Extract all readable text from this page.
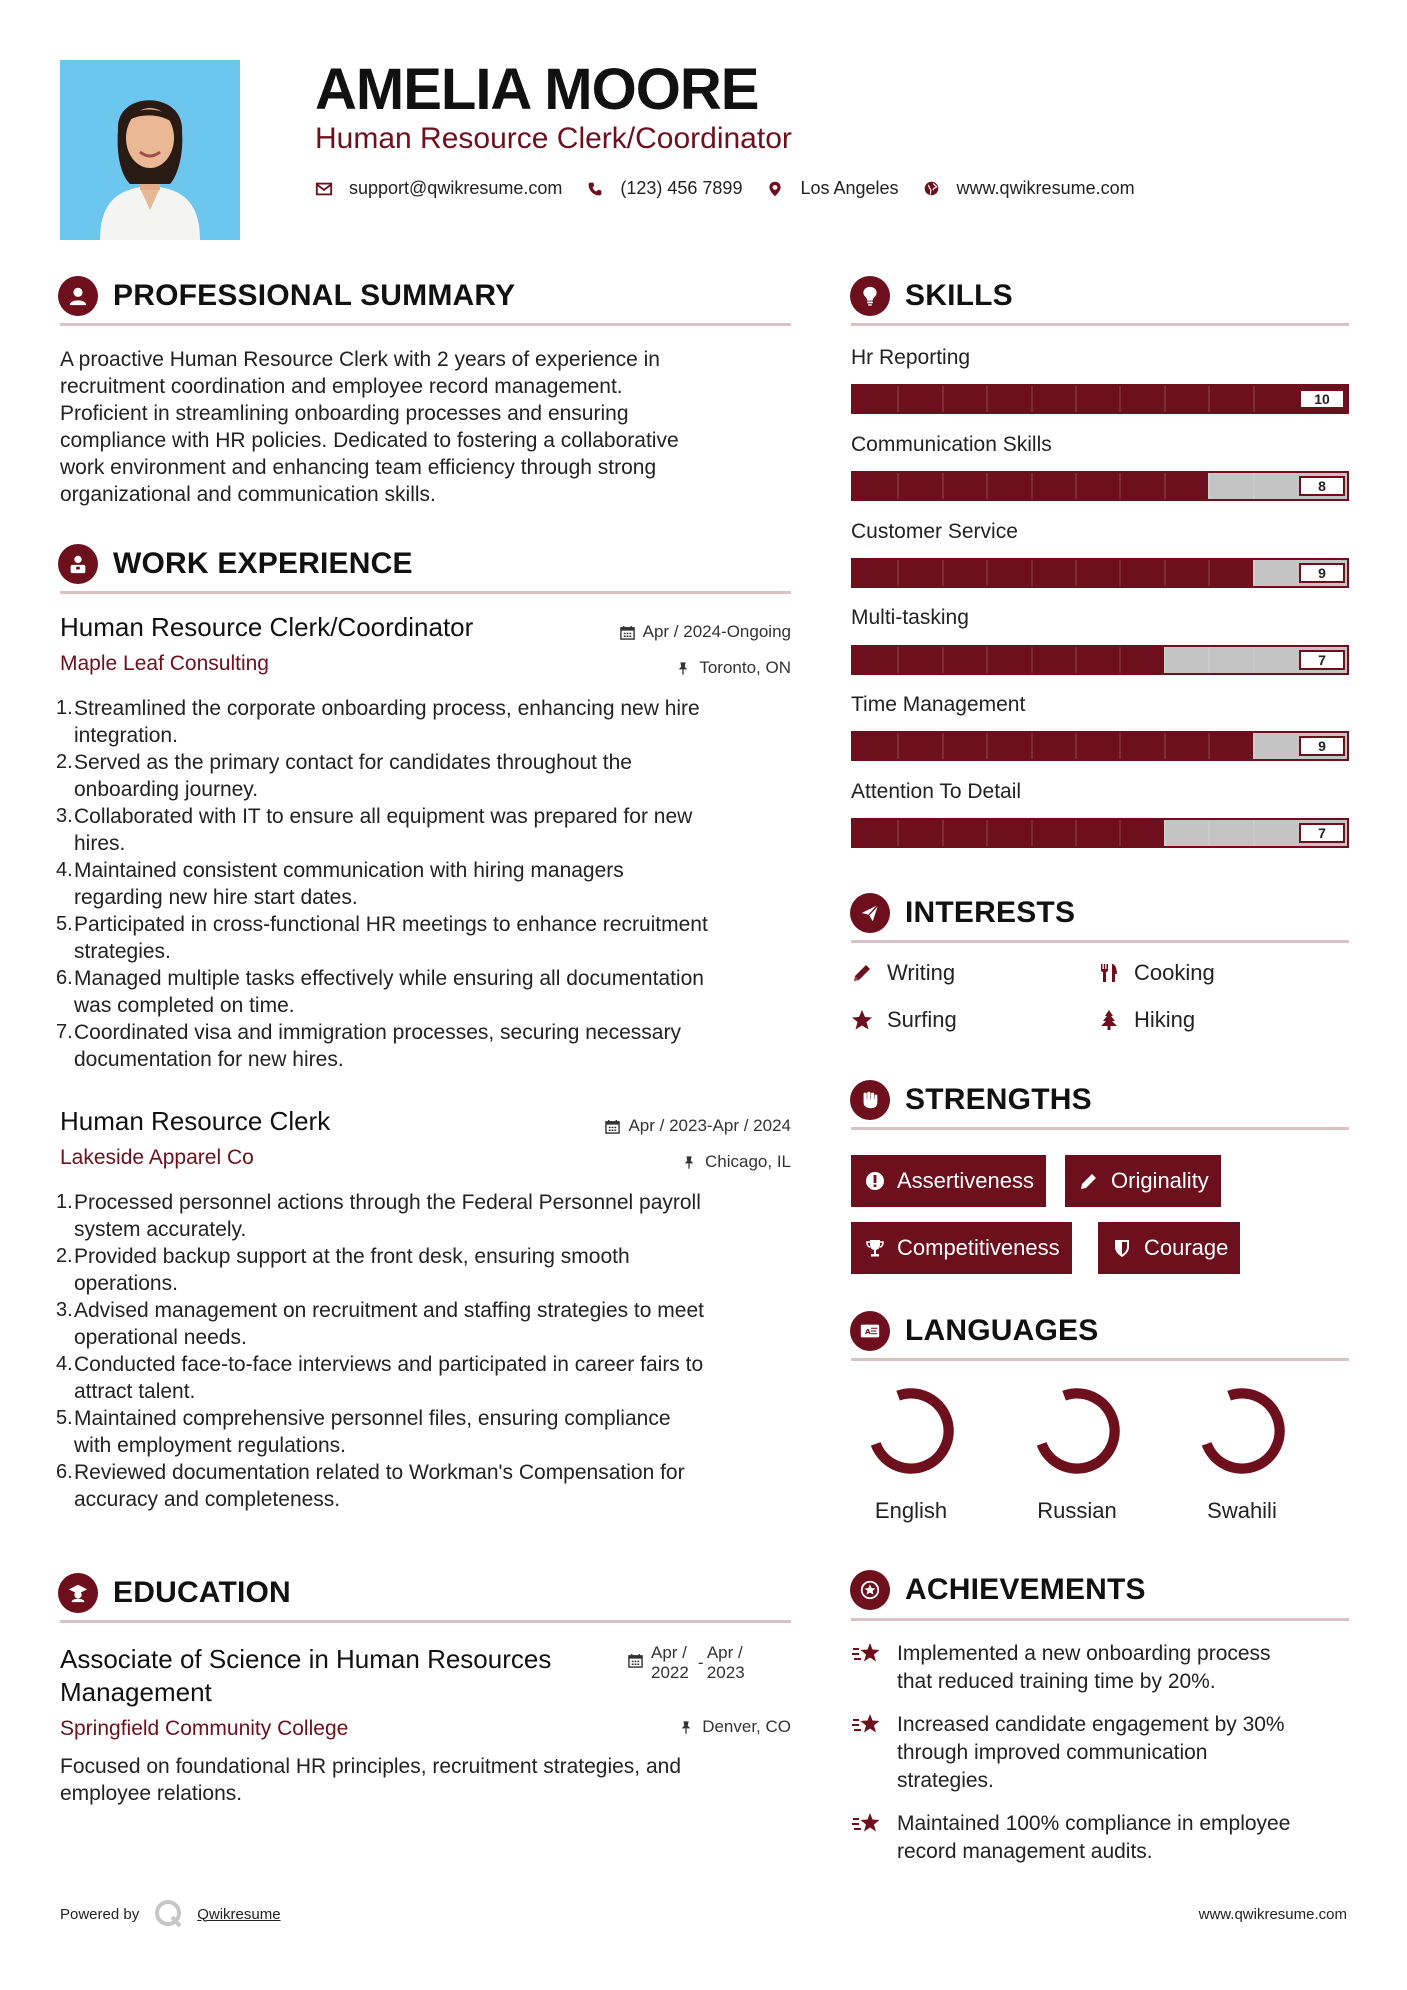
AMELIA MOORE
Human Resource Clerk/Coordinator
support@qwikresume.com	(123) 456 7899	Los Angeles	www.qwikresume.com
PROFESSIONAL SUMMARY
A proactive Human Resource Clerk with 2 years of experience in
recruitment coordination and employee record management.
Proficient in streamlining onboarding processes and ensuring
compliance with HR policies. Dedicated to fostering a collaborative
work environment and enhancing team efficiency through strong
organizational and communication skills.
WORK EXPERIENCE
Human Resource Clerk/Coordinator	Apr / 2024-Ongoing
Maple Leaf Consulting	Toronto, ON
1. Streamlined the corporate onboarding process, enhancing new hire
integration.
2. Served as the primary contact for candidates throughout the
onboarding journey.
3. Collaborated with IT to ensure all equipment was prepared for new
hires.
4. Maintained consistent communication with hiring managers
regarding new hire start dates.
5. Participated in cross-functional HR meetings to enhance recruitment
strategies.
6. Managed multiple tasks effectively while ensuring all documentation
was completed on time.
7. Coordinated visa and immigration processes, securing necessary
documentation for new hires.
Human Resource Clerk	Apr / 2023-Apr / 2024
Lakeside Apparel Co	Chicago, IL
1. Processed personnel actions through the Federal Personnel payroll
system accurately.
2. Provided backup support at the front desk, ensuring smooth
operations.
3. Advised management on recruitment and staffing strategies to meet
operational needs.
4. Conducted face-to-face interviews and participated in career fairs to
attract talent.
5. Maintained comprehensive personnel files, ensuring compliance
with employment regulations.
6. Reviewed documentation related to Workman's Compensation for
accuracy and completeness.
EDUCATION
Associate of Science in Human Resources
Management
Apr /
2022
-
Apr /
2023
Springfield Community College	Denver, CO
Focused on foundational HR principles, recruitment strategies, and
employee relations.
SKILLS
Hr Reporting
10
Communication Skills
8
Customer Service
9
Multi-tasking
7
Time Management
9
Attention To Detail
7
INTERESTS
Writing	Cooking
Surfing	Hiking
STRENGTHS
Assertiveness	Originality
Competitiveness	Courage
A LANGUAGES
English	Russian	Swahili
ACHIEVEMENTS
Implemented a new onboarding process
that reduced training time by 20%.
Increased candidate engagement by 30%
through improved communication
strategies.
Maintained 100% compliance in employee
record management audits.
Powered by	Qwikresume	www.qwikresume.com
